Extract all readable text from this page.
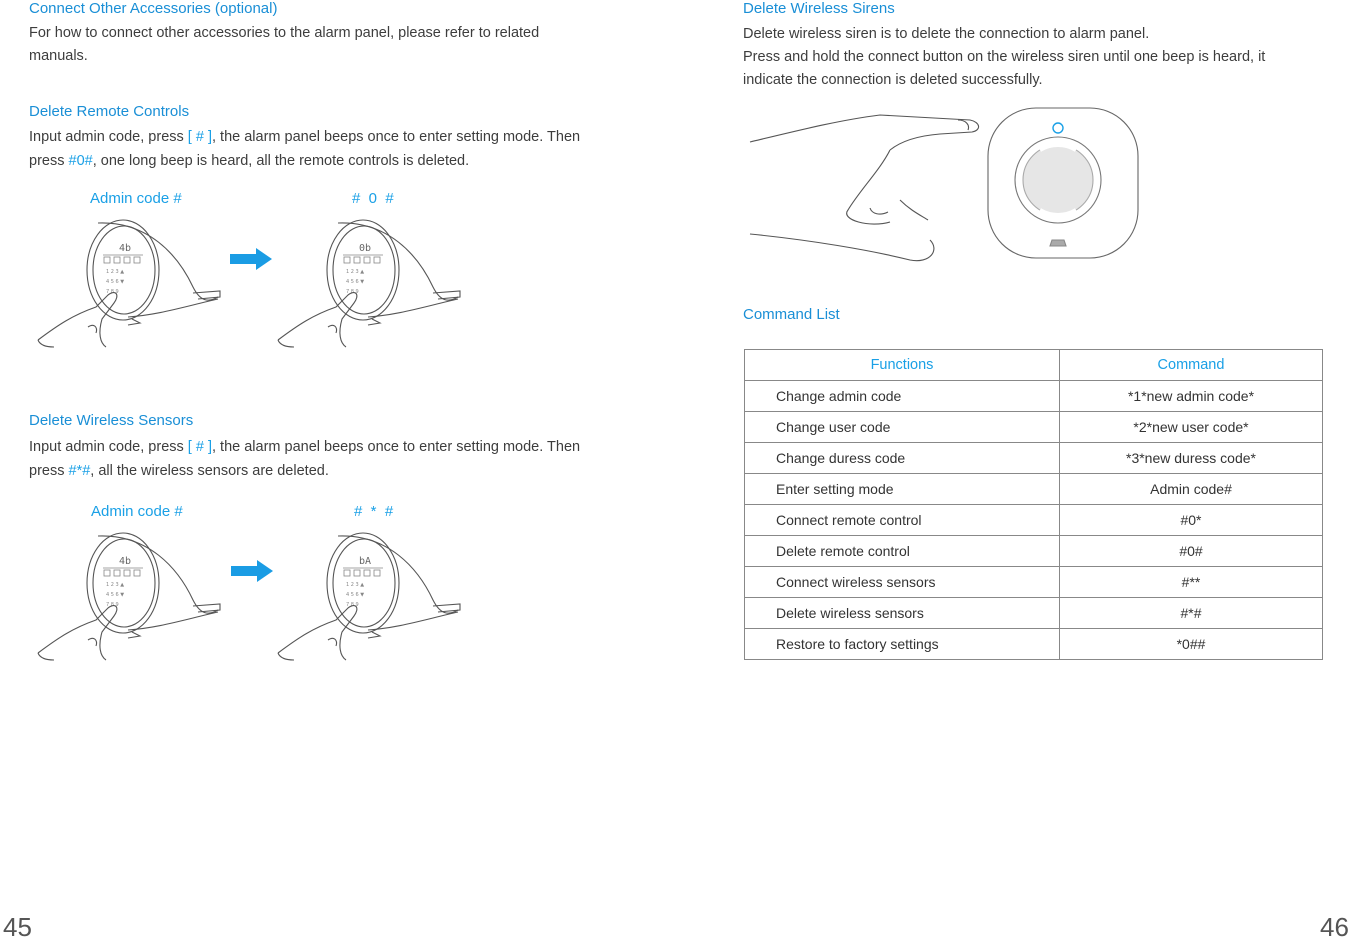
Connect Other Accessories (optional)
For how to connect other accessories to the alarm panel, please refer to related
manuals.
Delete Remote Controls
Input admin code, press [ # ], the alarm panel beeps once to enter setting mode. Then
press #0#, one long beep is heard, all the remote controls is deleted.
Admin code #	#  0  #
1 2 3 ▲
4 5 6 ▼
7 8 9
4b
1 2 3 ▲
4 5 6 ▼
7 8 9
0b
Delete Wireless Sensors
Input admin code, press [ # ], the alarm panel beeps once to enter setting mode. Then
press #*#, all the wireless sensors are deleted.
Admin code #	#  *  #
1 2 3 ▲
4 5 6 ▼
7 8 9
4b
1 2 3 ▲
4 5 6 ▼
7 8 9
bA
45
Delete Wireless Sirens
Delete wireless siren is to delete the connection to alarm panel.
Press and hold the connect button on the wireless siren until one beep is heard, it
indicate the connection is deleted successfully.
Command List
Functions	Command
Change admin code	*1*new admin code*
Change user code	*2*new user code*
Change duress code	*3*new duress code*
Enter setting mode	Admin code#
Connect remote control	#0*
Delete remote control	#0#
Connect wireless sensors	#**
Delete wireless sensors	#*#
Restore to factory settings	*0##
46
